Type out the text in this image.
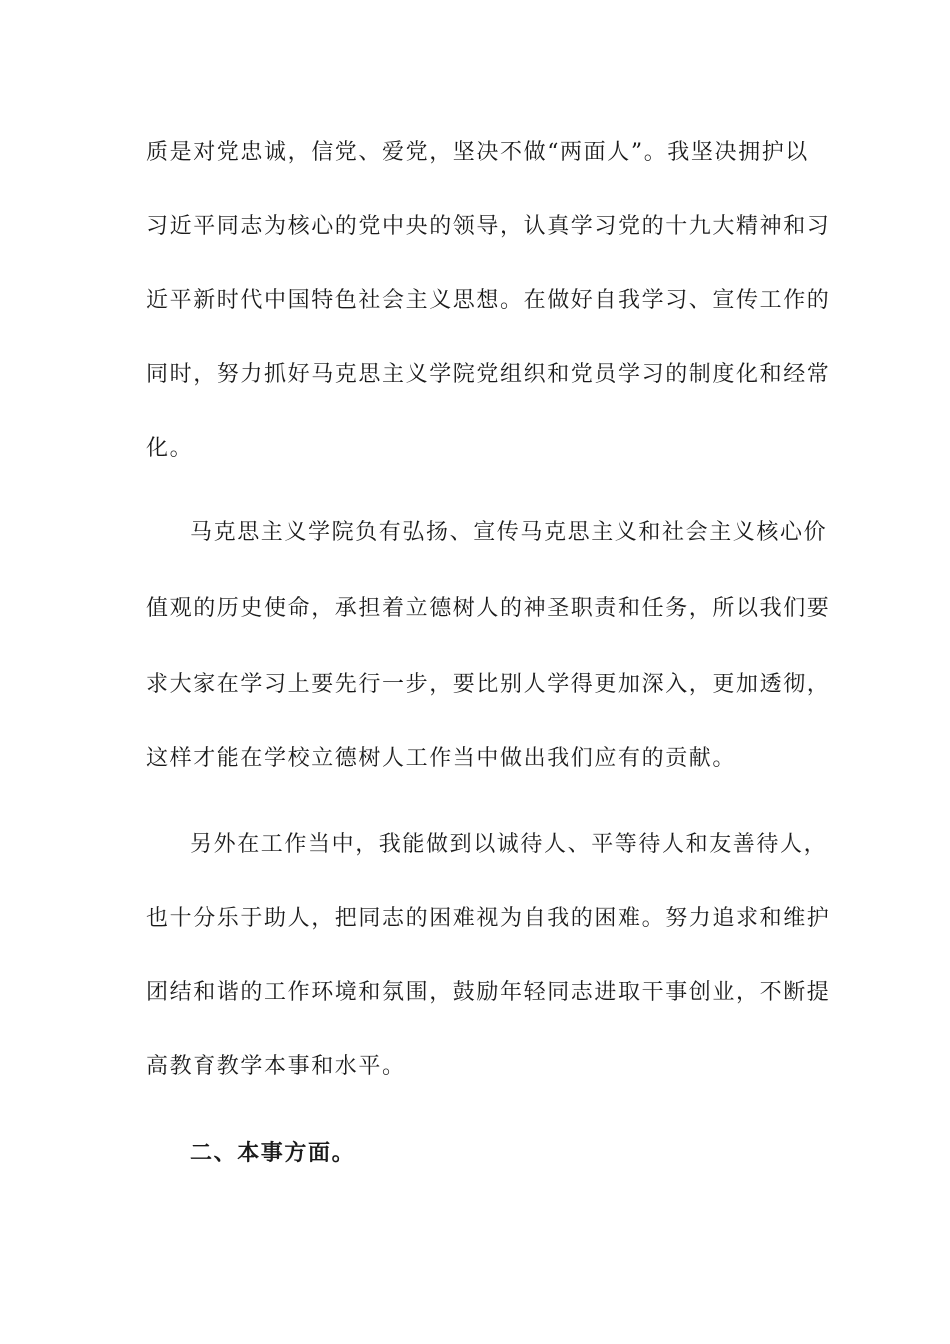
质是对党忠诚，信党、爱党，坚决不做“两面人”。我坚决拥护以
习近平同志为核心的党中央的领导，认真学习党的十九大精神和习
近平新时代中国特色社会主义思想。在做好自我学习、宣传工作的
同时，努力抓好马克思主义学院党组织和党员学习的制度化和经常
化。
马克思主义学院负有弘扬、宣传马克思主义和社会主义核心价
值观的历史使命，承担着立德树人的神圣职责和任务，所以我们要
求大家在学习上要先行一步，要比别人学得更加深入，更加透彻，
这样才能在学校立德树人工作当中做出我们应有的贡献。
另外在工作当中，我能做到以诚待人、平等待人和友善待人，
也十分乐于助人，把同志的困难视为自我的困难。努力追求和维护
团结和谐的工作环境和氛围，鼓励年轻同志进取干事创业，不断提
高教育教学本事和水平。
二、本事方面。
